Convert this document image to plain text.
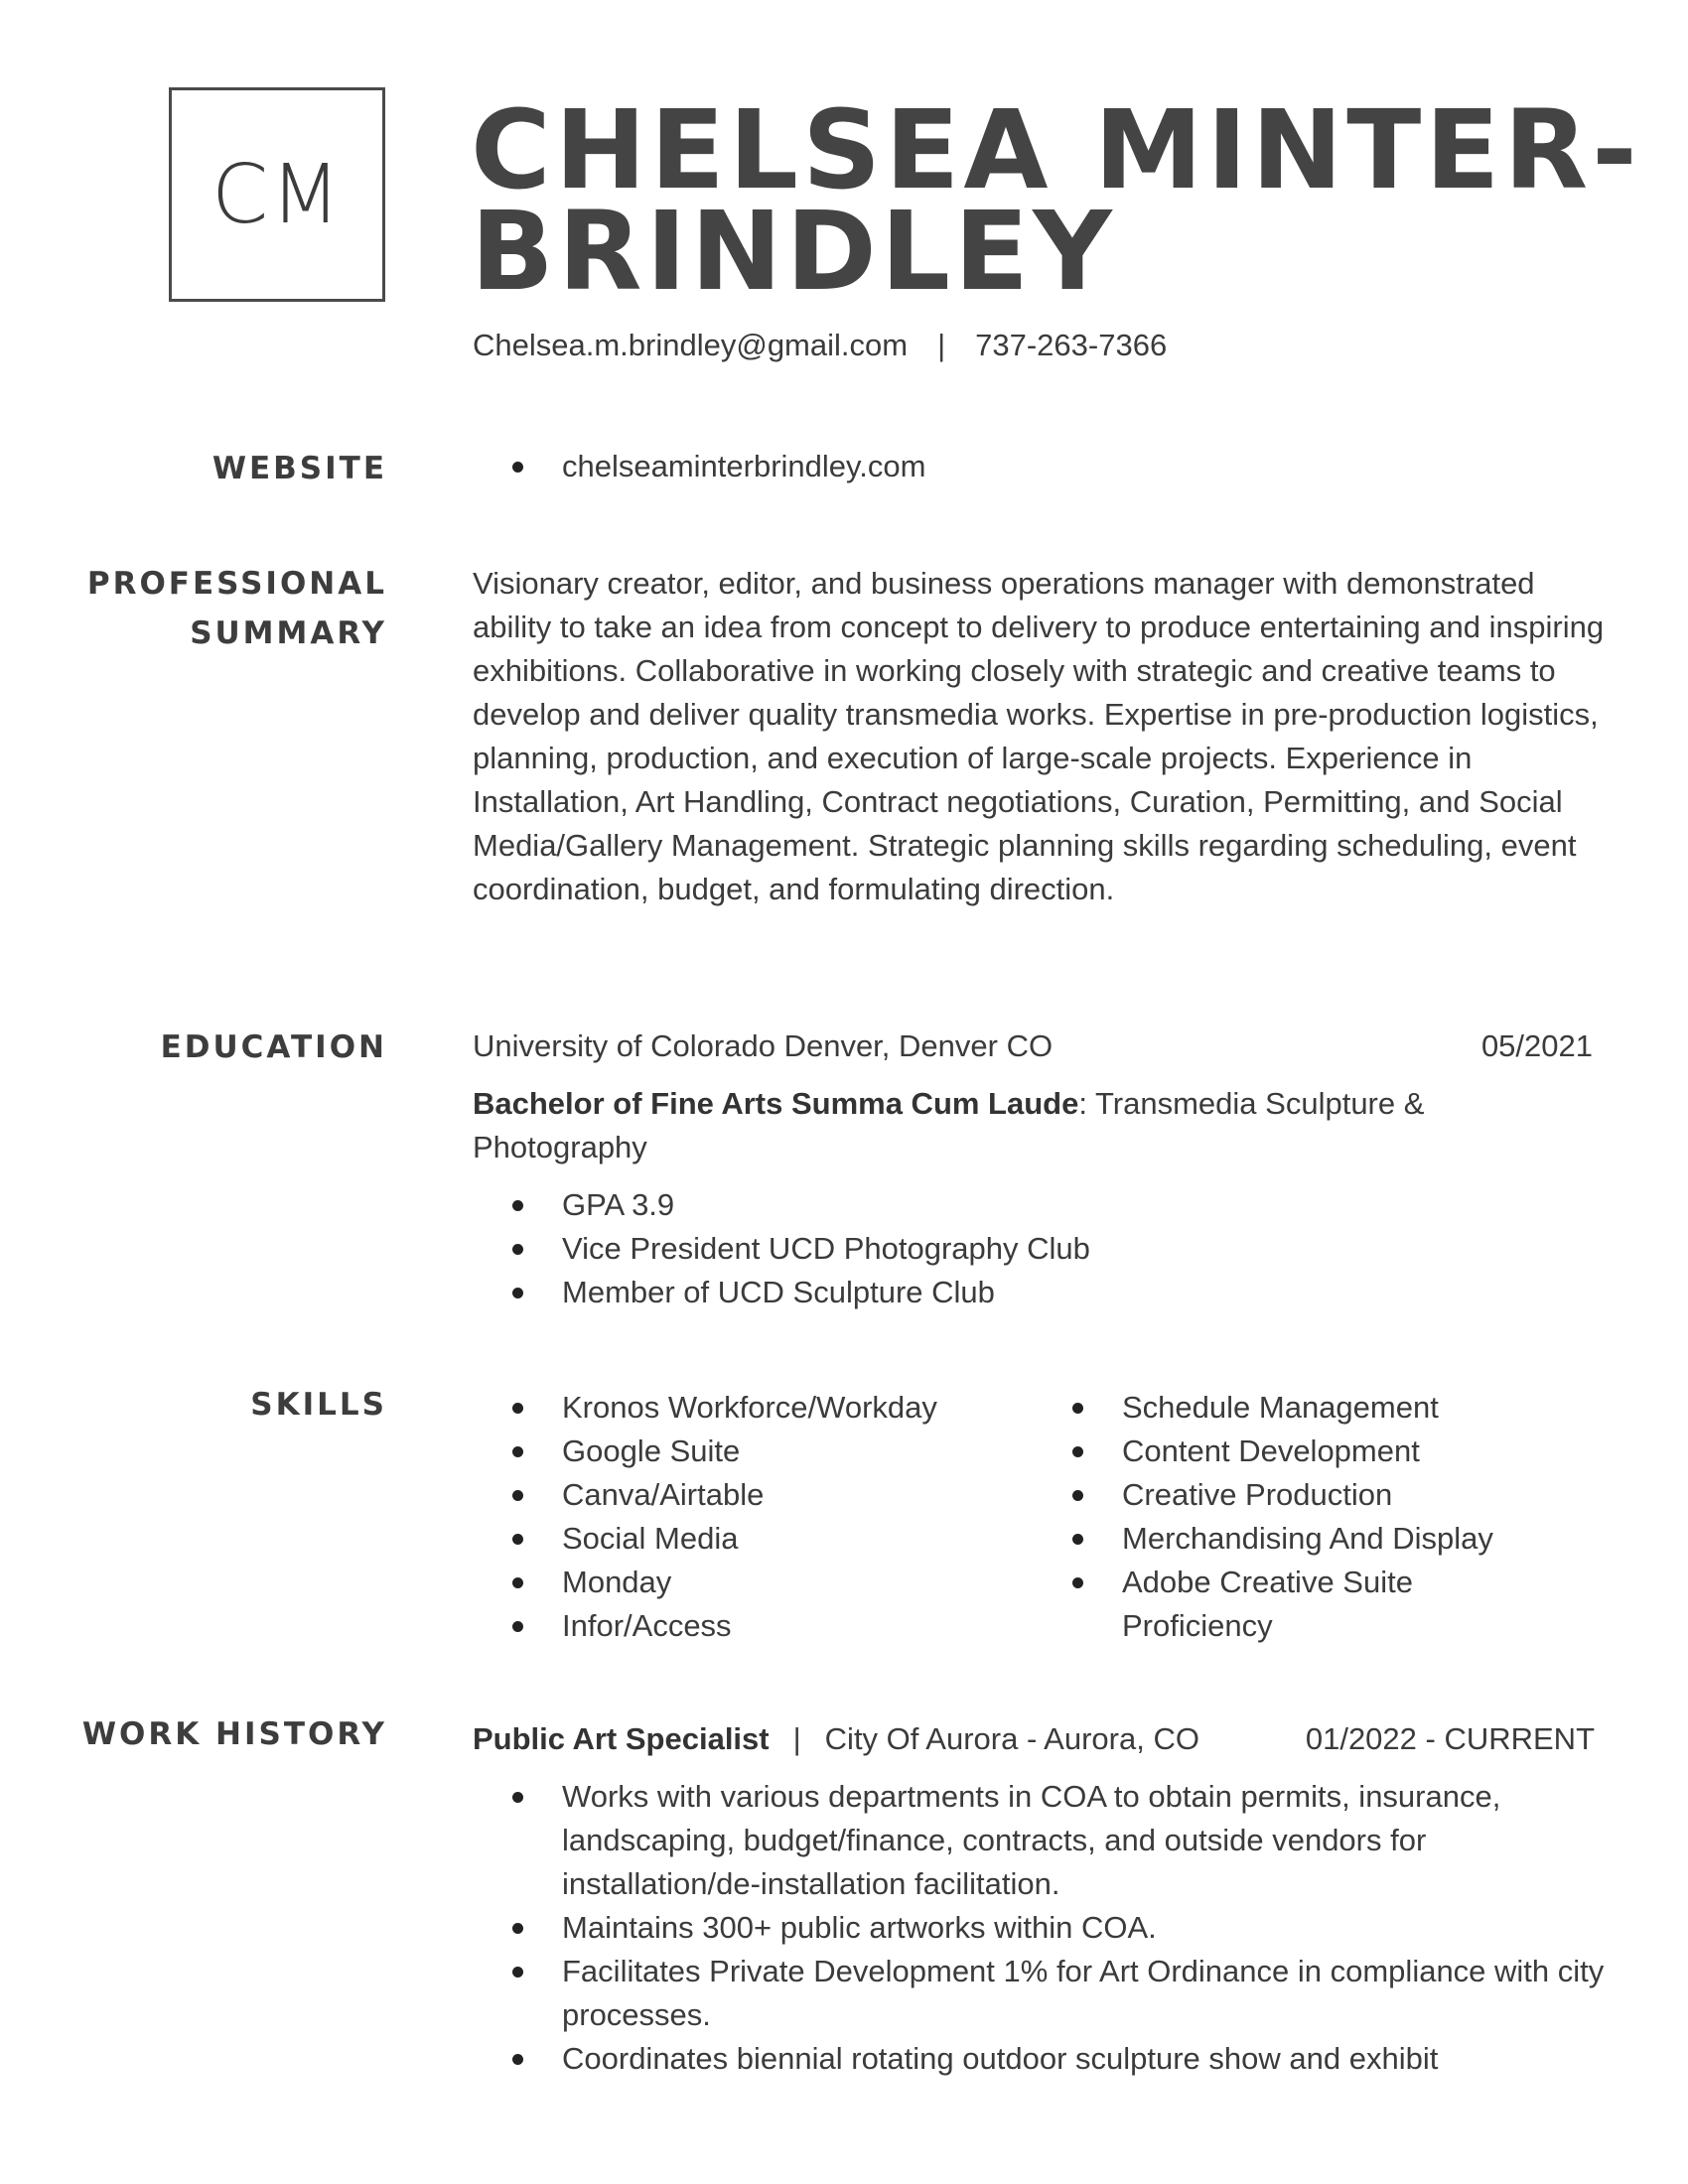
CM CHELSEA MINTER-
BRINDLEY
Chelsea.m.brindley@gmail.com | 737-263-7366
WEBSITE	chelseaminterbrindley.com
PROFESSIONAL
SUMMARY
Visionary creator, editor, and business operations manager with demonstrated ability to take an idea from concept to delivery to produce entertaining and inspiring exhibitions. Collaborative in working closely with strategic and creative teams to develop and deliver quality transmedia works. Expertise in pre-production logistics, planning, production, and execution of large-scale projects. Experience in Installation, Art Handling, Contract negotiations, Curation, Permitting, and Social Media/Gallery Management. Strategic planning skills regarding scheduling, event coordination, budget, and formulating direction.
EDUCATION	University of Colorado Denver, Denver CO	05/2021
Bachelor of Fine Arts Summa Cum Laude: Transmedia Sculpture & Photography
GPA 3.9
Vice President UCD Photography Club
Member of UCD Sculpture Club
SKILLS	Kronos Workforce/Workday
Google Suite
Canva/Airtable
Social Media
Monday
Infor/Access
Schedule Management
Content Development
Creative Production
Merchandising And Display
Adobe Creative Suite Proficiency
WORK HISTORY	Public Art Specialist | City Of Aurora - Aurora, CO	01/2022 - CURRENT
Works with various departments in COA to obtain permits, insurance, landscaping, budget/finance, contracts, and outside vendors for installation/de-installation facilitation.
Maintains 300+ public artworks within COA.
Facilitates Private Development 1% for Art Ordinance in compliance with city processes.
Coordinates biennial rotating outdoor sculpture show and exhibit
